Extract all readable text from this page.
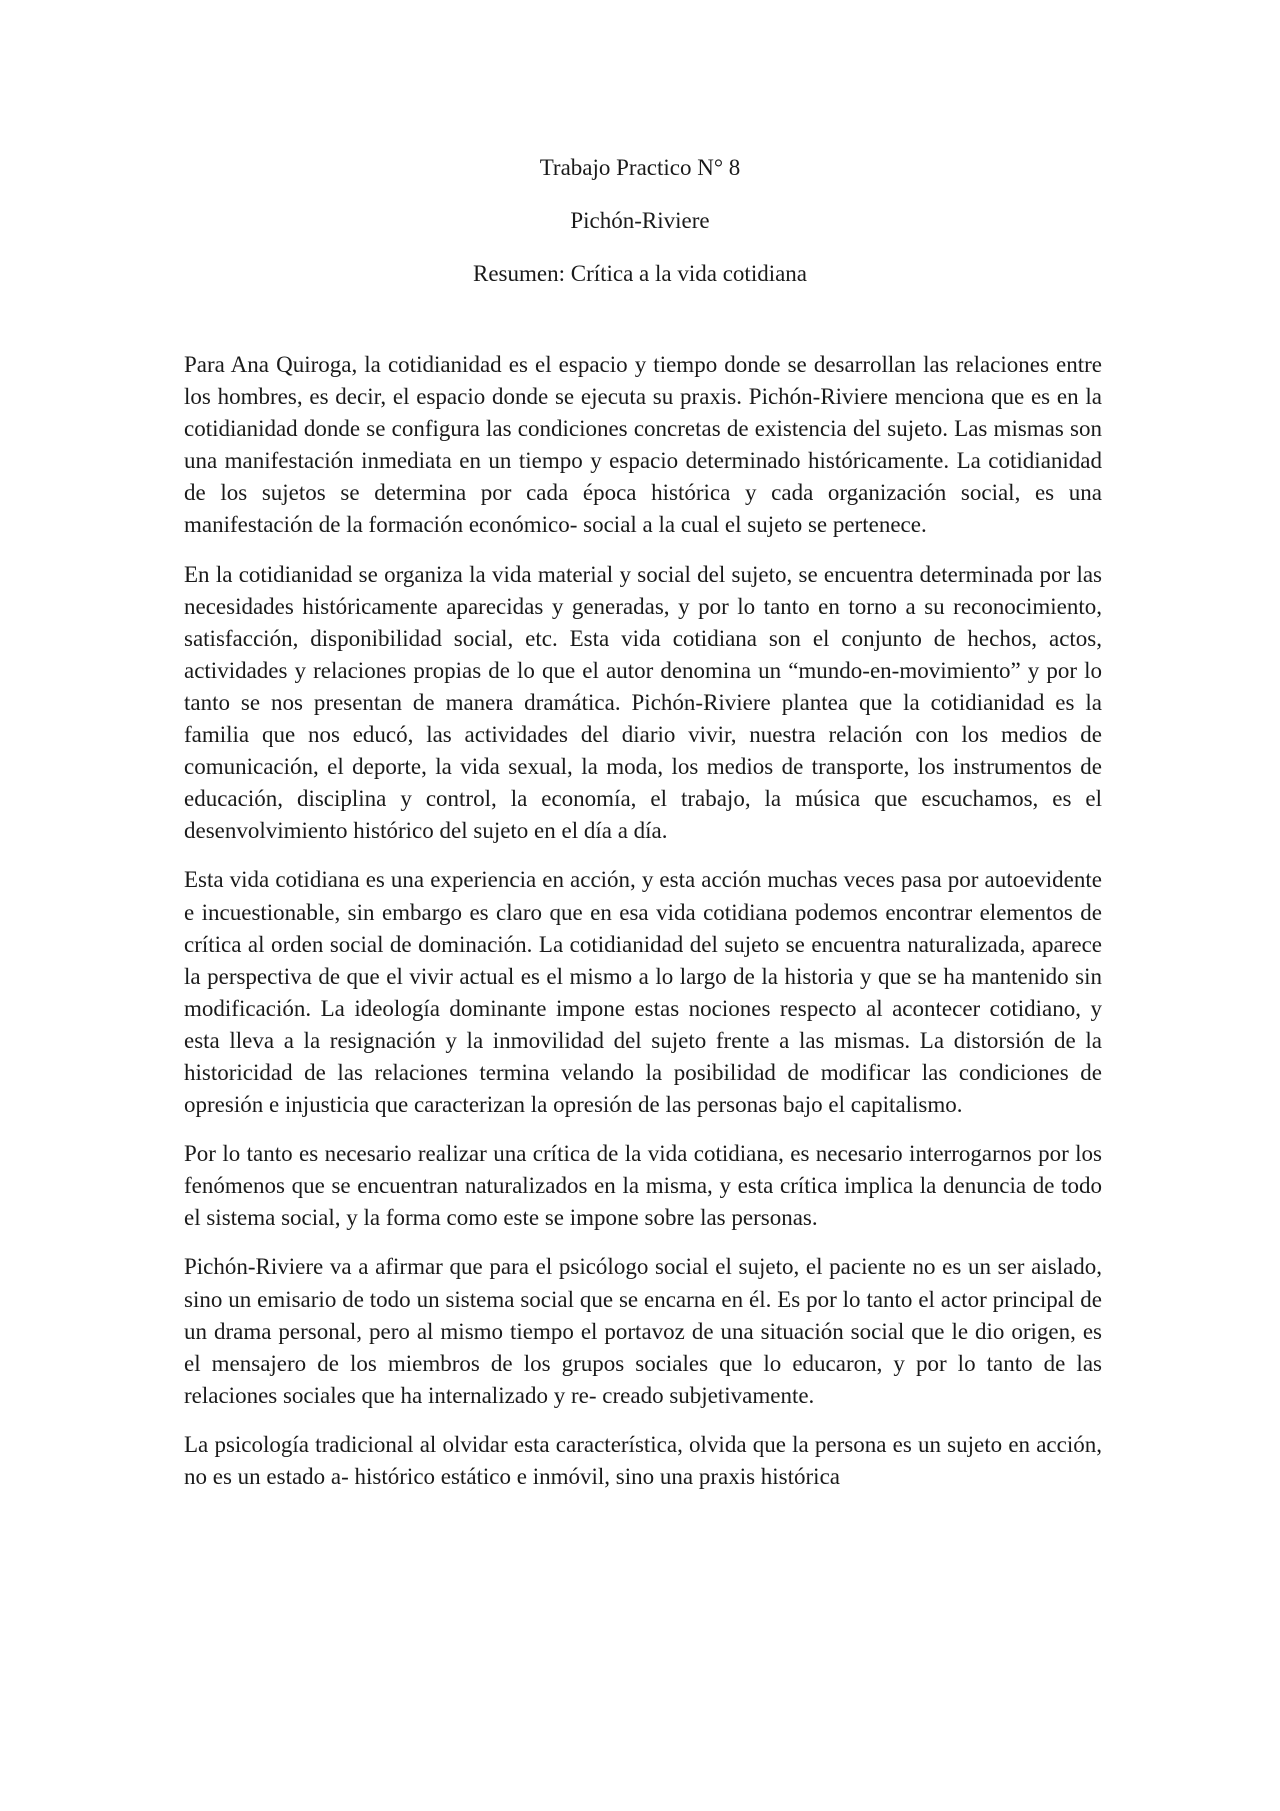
Trabajo Practico N° 8
Pichón-Riviere
Resumen: Crítica a la vida cotidiana

Para Ana Quiroga, la cotidianidad es el espacio y tiempo donde se desarrollan las relaciones entre los hombres, es decir, el espacio donde se ejecuta su praxis. Pichón-Riviere menciona que es en la cotidianidad donde se configura las condiciones concretas de existencia del sujeto. Las mismas son una manifestación inmediata en un tiempo y espacio determinado históricamente. La cotidianidad de los sujetos se determina por cada época histórica y cada organización social, es una manifestación de la formación económico- social a la cual el sujeto se pertenece.

En la cotidianidad se organiza la vida material y social del sujeto, se encuentra determinada por las necesidades históricamente aparecidas y generadas, y por lo tanto en torno a su reconocimiento, satisfacción, disponibilidad social, etc. Esta vida cotidiana son el conjunto de hechos, actos, actividades y relaciones propias de lo que el autor denomina un “mundo-en-movimiento” y por lo tanto se nos presentan de manera dramática. Pichón-Riviere plantea que la cotidianidad es la familia que nos educó, las actividades del diario vivir, nuestra relación con los medios de comunicación, el deporte, la vida sexual, la moda, los medios de transporte, los instrumentos de educación, disciplina y control, la economía, el trabajo, la música que escuchamos, es el desenvolvimiento histórico del sujeto en el día a día.

Esta vida cotidiana es una experiencia en acción, y esta acción muchas veces pasa por autoevidente e incuestionable, sin embargo es claro que en esa vida cotidiana podemos encontrar elementos de crítica al orden social de dominación. La cotidianidad del sujeto se encuentra naturalizada, aparece la perspectiva de que el vivir actual es el mismo a lo largo de la historia y que se ha mantenido sin modificación. La ideología dominante impone estas nociones respecto al acontecer cotidiano, y esta lleva a la resignación y la inmovilidad del sujeto frente a las mismas. La distorsión de la historicidad de las relaciones termina velando la posibilidad de modificar las condiciones de opresión e injusticia que caracterizan la opresión de las personas bajo el capitalismo.

Por lo tanto es necesario realizar una crítica de la vida cotidiana, es necesario interrogarnos por los fenómenos que se encuentran naturalizados en la misma, y esta crítica implica la denuncia de todo el sistema social, y la forma como este se impone sobre las personas.

Pichón-Riviere va a afirmar que para el psicólogo social el sujeto, el paciente no es un ser aislado, sino un emisario de todo un sistema social que se encarna en él. Es por lo tanto el actor principal de un drama personal, pero al mismo tiempo el portavoz de una situación social que le dio origen, es el mensajero de los miembros de los grupos sociales que lo educaron, y por lo tanto de las relaciones sociales que ha internalizado y re- creado subjetivamente.

La psicología tradicional al olvidar esta característica, olvida que la persona es un sujeto en acción, no es un estado a- histórico estático e inmóvil, sino una praxis histórica
